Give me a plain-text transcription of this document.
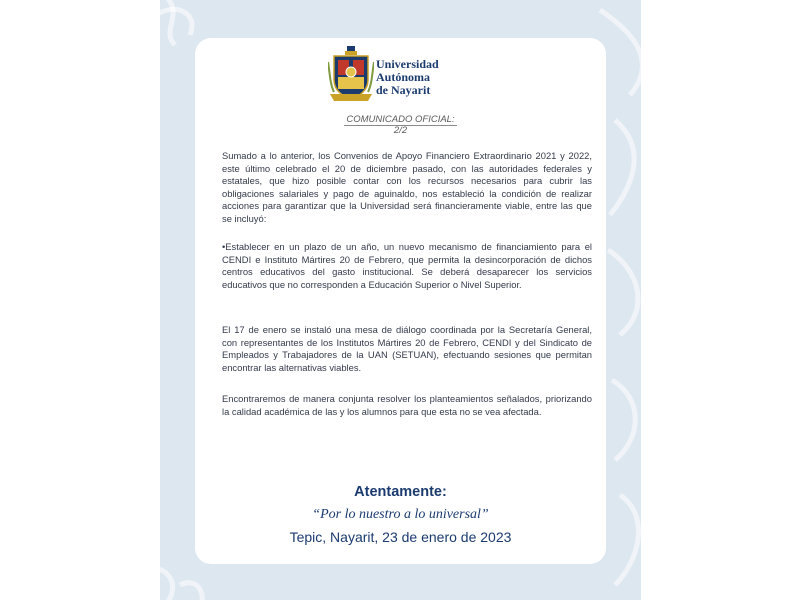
Universidad
Autónoma
de Nayarit
COMUNICADO OFICIAL:
2/2
Sumado a lo anterior, los Convenios de Apoyo Financiero Extraordinario 2021 y 2022, este último celebrado el 20 de diciembre pasado, con las autoridades federales y estatales, que hizo posible contar con los recursos necesarios para cubrir las obligaciones salariales y pago de aguinaldo, nos estableció la condición de realizar acciones para garantizar que la Universidad será financieramente viable, entre las que se incluyó:
•Establecer en un plazo de un año, un nuevo mecanismo de financiamiento para el CENDI e Instituto Mártires 20 de Febrero, que permita la desincorporación de dichos centros educativos del gasto institucional. Se deberá desaparecer los servicios educativos que no corresponden a Educación Superior o Nivel Superior.
El 17 de enero se instaló una mesa de diálogo coordinada por la Secretaría General, con representantes de los Institutos Mártires 20 de Febrero, CENDI y del Sindicato de Empleados y Trabajadores de la UAN (SETUAN), efectuando sesiones que permitan encontrar las alternativas viables.
Encontraremos de manera conjunta resolver los planteamientos señalados, priorizando la calidad académica de las y los alumnos para que esta no se vea afectada.
Atentamente:
“Por lo nuestro a lo universal”
Tepic, Nayarit, 23 de enero de 2023
